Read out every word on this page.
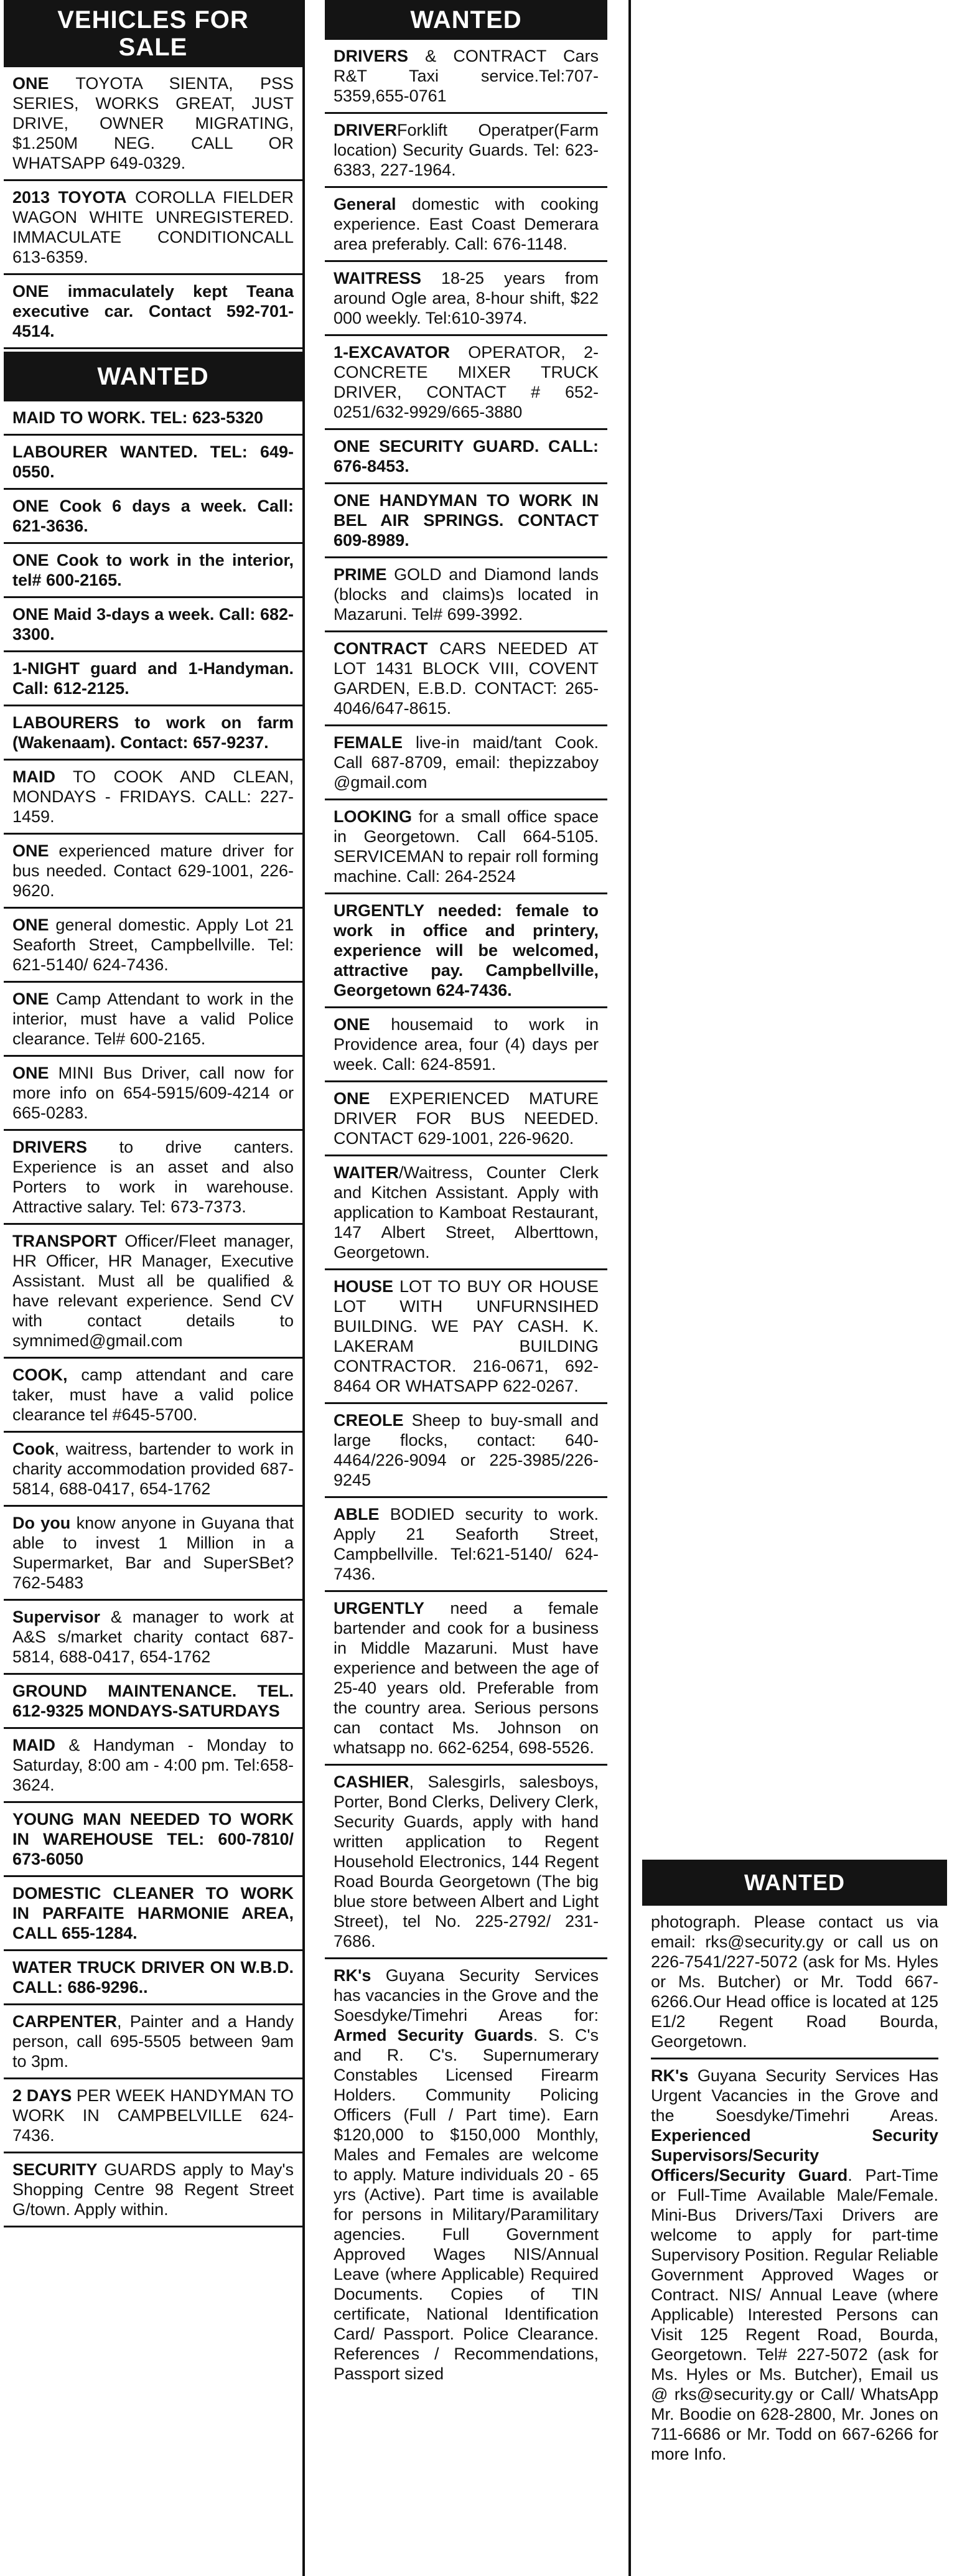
VEHICLES FOR SALE
ONE TOYOTA SIENTA, PSS SERIES, WORKS GREAT, JUST DRIVE, OWNER MIGRATING, $1.250M NEG. CALL OR WHATSAPP 649-0329.
2013 TOYOTA COROLLA FIELDER WAGON WHITE UNREGISTERED. IMMACULATE CONDITIONCALL 613-6359.
ONE immaculately kept Teana executive car. Contact 592-701-4514.
WANTED
MAID TO WORK. TEL: 623-5320
LABOURER WANTED. TEL: 649-0550.
ONE Cook 6 days a week. Call: 621-3636.
ONE Cook to work in the interior, tel# 600-2165.
ONE Maid 3-days a week. Call: 682-3300.
1-NIGHT guard and 1-Handyman. Call: 612-2125.
LABOURERS to work on farm (Wakenaam). Contact: 657-9237.
MAID TO COOK AND CLEAN, MONDAYS - FRIDAYS. CALL: 227-1459.
ONE experienced mature driver for bus needed. Contact 629-1001, 226-9620.
ONE general domestic. Apply Lot 21 Seaforth Street, Campbellville. Tel: 621-5140/ 624-7436.
ONE Camp Attendant to work in the interior, must have a valid Police clearance. Tel# 600-2165.
ONE MINI Bus Driver, call now for more info on 654-5915/609-4214 or 665-0283.
DRIVERS to drive canters. Experience is an asset and also Porters to work in warehouse. Attractive salary. Tel: 673-7373.
TRANSPORT Officer/Fleet manager, HR Officer, HR Manager, Executive Assistant. Must all be qualified & have relevant experience. Send CV with contact details to symnimed@gmail.com
COOK, camp attendant and care taker, must have a valid police clearance tel #645-5700.
Cook, waitress, bartender to work in charity accommodation provided 687-5814, 688-0417, 654-1762
Do you know anyone in Guyana that able to invest 1 Million in a Supermarket, Bar and SuperSBet? 762-5483
Supervisor & manager to work at A&S s/market charity contact 687-5814, 688-0417, 654-1762
GROUND MAINTENANCE. TEL. 612-9325 MONDAYS-SATURDAYS
MAID & Handyman - Monday to Saturday, 8:00 am - 4:00 pm. Tel:658-3624.
YOUNG MAN NEEDED TO WORK IN WAREHOUSE TEL: 600-7810/ 673-6050
DOMESTIC CLEANER TO WORK IN PARFAITE HARMONIE AREA, CALL 655-1284.
WATER TRUCK DRIVER ON W.B.D. CALL: 686-9296..
CARPENTER, Painter and a Handy person, call 695-5505 between 9am to 3pm.
2 DAYS PER WEEK HANDYMAN TO WORK IN CAMPBELVILLE 624-7436.
SECURITY GUARDS apply to May's Shopping Centre 98 Regent Street G/town. Apply within.
WANTED
DRIVERS & CONTRACT Cars R&T Taxi service.Tel:707-5359,655-0761
DRIVERForklift Operatper(Farm location) Security Guards. Tel: 623-6383, 227-1964.
General domestic with cooking experience. East Coast Demerara area preferably. Call: 676-1148.
WAITRESS 18-25 years from around Ogle area, 8-hour shift, $22 000 weekly. Tel:610-3974.
1-EXCAVATOR OPERATOR, 2- CONCRETE MIXER TRUCK DRIVER, CONTACT # 652-0251/632-9929/665-3880
ONE SECURITY GUARD. CALL: 676-8453.
ONE HANDYMAN TO WORK IN BEL AIR SPRINGS. CONTACT 609-8989.
PRIME GOLD and Diamond lands (blocks and claims)s located in Mazaruni. Tel# 699-3992.
CONTRACT CARS NEEDED AT LOT 1431 BLOCK VIII, COVENT GARDEN, E.B.D. CONTACT: 265-4046/647-8615.
FEMALE live-in maid/tant Cook. Call 687-8709, email: thepizzaboy @gmail.com
LOOKING for a small office space in Georgetown. Call 664-5105. SERVICEMAN to repair roll forming machine. Call: 264-2524
URGENTLY needed: female to work in office and printery, experience will be welcomed, attractive pay. Campbellville, Georgetown 624-7436.
ONE housemaid to work in Providence area, four (4) days per week. Call: 624-8591.
ONE EXPERIENCED MATURE DRIVER FOR BUS NEEDED. CONTACT 629-1001, 226-9620.
WAITER/Waitress, Counter Clerk and Kitchen Assistant. Apply with application to Kamboat Restaurant, 147 Albert Street, Alberttown, Georgetown.
HOUSE LOT TO BUY OR HOUSE LOT WITH UNFURNSIHED BUILDING. WE PAY CASH. K. LAKERAM BUILDING CONTRACTOR. 216-0671, 692-8464 OR WHATSAPP 622-0267.
CREOLE Sheep to buy-small and large flocks, contact: 640-4464/226-9094 or 225-3985/226-9245
ABLE BODIED security to work. Apply 21 Seaforth Street, Campbellville. Tel:621-5140/ 624-7436.
URGENTLY need a female bartender and cook for a business in Middle Mazaruni. Must have experience and between the age of 25-40 years old. Preferable from the country area. Serious persons can contact Ms. Johnson on whatsapp no. 662-6254, 698-5526.
CASHIER, Salesgirls, salesboys, Porter, Bond Clerks, Delivery Clerk, Security Guards, apply with hand written application to Regent Household Electronics, 144 Regent Road Bourda Georgetown (The big blue store between Albert and Light Street), tel No. 225-2792/ 231-7686.
RK's Guyana Security Services has vacancies in the Grove and the Soesdyke/Timehri Areas for: Armed Security Guards. S. C's and R. C's. Supernumerary Constables Licensed Firearm Holders. Community Policing Officers (Full / Part time). Earn $120,000 to $150,000 Monthly, Males and Females are welcome to apply. Mature individuals 20 - 65 yrs (Active). Part time is available for persons in Military/Paramilitary agencies. Full Government Approved Wages NIS/Annual Leave (where Applicable) Required Documents. Copies of TIN certificate, National Identification Card/ Passport. Police Clearance. References / Recommendations, Passport sized
WANTED
photograph. Please contact us via email: rks@security.gy or call us on 226-7541/227-5072 (ask for Ms. Hyles or Ms. Butcher) or Mr. Todd 667-6266.Our Head office is located at 125 E1/2 Regent Road Bourda, Georgetown.
RK's Guyana Security Services Has Urgent Vacancies in the Grove and the Soesdyke/Timehri Areas. Experienced Security Supervisors/Security Officers/Security Guard. Part-Time or Full-Time Available Male/Female. Mini-Bus Drivers/Taxi Drivers are welcome to apply for part-time Supervisory Position. Regular Reliable Government Approved Wages or Contract. NIS/ Annual Leave (where Applicable) Interested Persons can Visit 125 Regent Road, Bourda, Georgetown. Tel# 227-5072 (ask for Ms. Hyles or Ms. Butcher), Email us @ rks@security.gy or Call/ WhatsApp Mr. Boodie on 628-2800, Mr. Jones on 711-6686 or Mr. Todd on 667-6266 for more Info.
